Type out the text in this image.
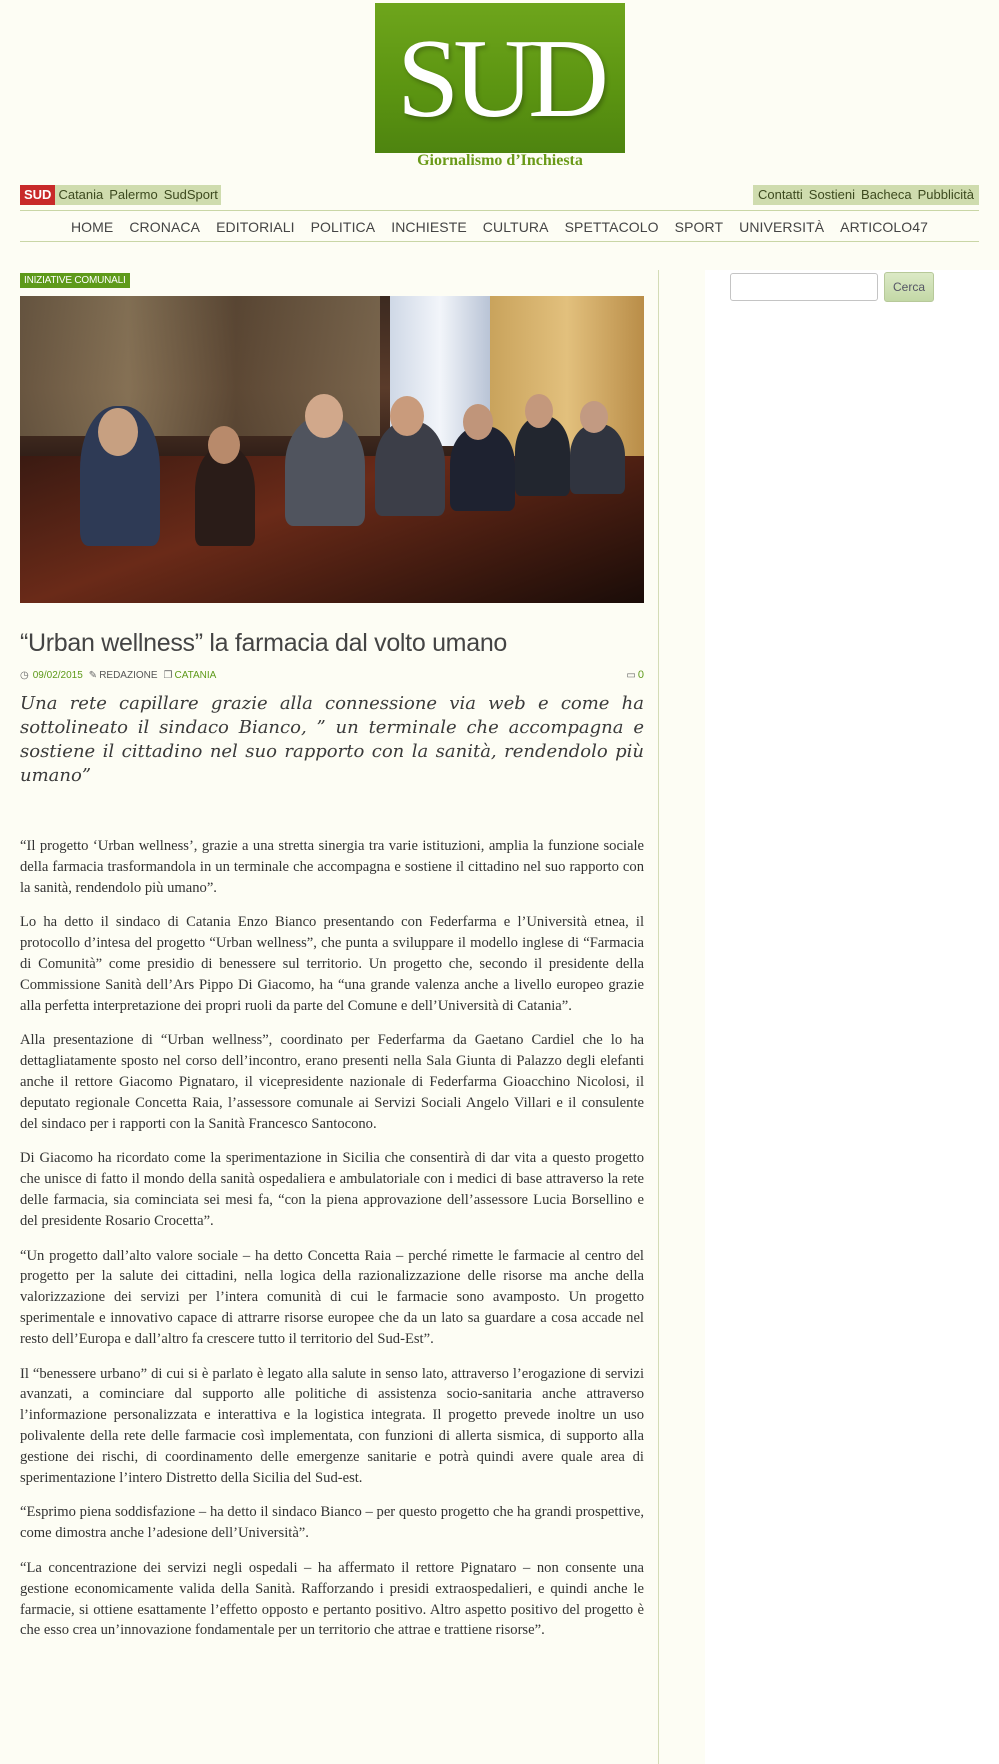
SUD
Giornalismo d’Inchiesta
SUD Catania Palermo SudSport	Contatti Sostieni Bacheca Pubblicità
HOME	CRONACA	EDITORIALI	POLITICA	INCHIESTE	CULTURA	SPETTACOLO	SPORT	UNIVERSITÀ	ARTICOLO47
INIZIATIVE COMUNALI
“Urban wellness” la farmacia dal volto umano
◷ 09/02/2015 ✎ REDAZIONE ❐ CATANIA	▭ 0

Una rete capillare grazie alla connessione via web e come ha sottolineato il sindaco Bianco, ” un terminale che accompagna e sostiene il cittadino nel suo rapporto con la sanità, rendendolo più umano”

“Il progetto ‘Urban wellness’, grazie a una stretta sinergia tra varie istituzioni, amplia la funzione sociale della farmacia trasformandola in un terminale che accompagna e sostiene il cittadino nel suo rapporto con la sanità, rendendolo più umano”.

Lo ha detto il sindaco di Catania Enzo Bianco presentando con Federfarma e l’Università etnea, il protocollo d’intesa del progetto “Urban wellness”, che punta a sviluppare il modello inglese di “Farmacia di Comunità” come presidio di benessere sul territorio. Un progetto che, secondo il presidente della Commissione Sanità dell’Ars Pippo Di Giacomo, ha “una grande valenza anche a livello europeo grazie alla perfetta interpretazione dei propri ruoli da parte del Comune e dell’Università di Catania”.

Alla presentazione di “Urban wellness”, coordinato per Federfarma da Gaetano Cardiel che lo ha dettagliatamente sposto nel corso dell’incontro, erano presenti nella Sala Giunta di Palazzo degli elefanti anche il rettore Giacomo Pignataro, il vicepresidente nazionale di Federfarma Gioacchino Nicolosi, il deputato regionale Concetta Raia, l’assessore comunale ai Servizi Sociali Angelo Villari e il consulente del sindaco per i rapporti con la Sanità Francesco Santocono.

Di Giacomo ha ricordato come la sperimentazione in Sicilia che consentirà di dar vita a questo progetto che unisce di fatto il mondo della sanità ospedaliera e ambulatoriale con i medici di base attraverso la rete delle farmacia, sia cominciata sei mesi fa, “con la piena approvazione dell’assessore Lucia Borsellino e del presidente Rosario Crocetta”.

“Un progetto dall’alto valore sociale – ha detto Concetta Raia – perché rimette le farmacie al centro del progetto per la salute dei cittadini, nella logica della razionalizzazione delle risorse ma anche della valorizzazione dei servizi per l’intera comunità di cui le farmacie sono avamposto. Un progetto sperimentale e innovativo capace di attrarre risorse europee che da un lato sa guardare a cosa accade nel resto dell’Europa e dall’altro fa crescere tutto il territorio del Sud-Est”.

Il “benessere urbano” di cui si è parlato è legato alla salute in senso lato, attraverso l’erogazione di servizi avanzati, a cominciare dal supporto alle politiche di assistenza socio-sanitaria anche attraverso l’informazione personalizzata e interattiva e la logistica integrata. Il progetto prevede inoltre un uso polivalente della rete delle farmacie così implementata, con funzioni di allerta sismica, di supporto alla gestione dei rischi, di coordinamento delle emergenze sanitarie e potrà quindi avere quale area di sperimentazione l’intero Distretto della Sicilia del Sud-est.

“Esprimo piena soddisfazione – ha detto il sindaco Bianco – per questo progetto che ha grandi prospettive, come dimostra anche l’adesione dell’Università”.

“La concentrazione dei servizi negli ospedali – ha affermato il rettore Pignataro – non consente una gestione economicamente valida della Sanità. Rafforzando i presidi extraospedalieri, e quindi anche le farmacie, si ottiene esattamente l’effetto opposto e pertanto positivo. Altro aspetto positivo del progetto è che esso crea un’innovazione fondamentale per un territorio che attrae e trattiene risorse”.

Cerca
